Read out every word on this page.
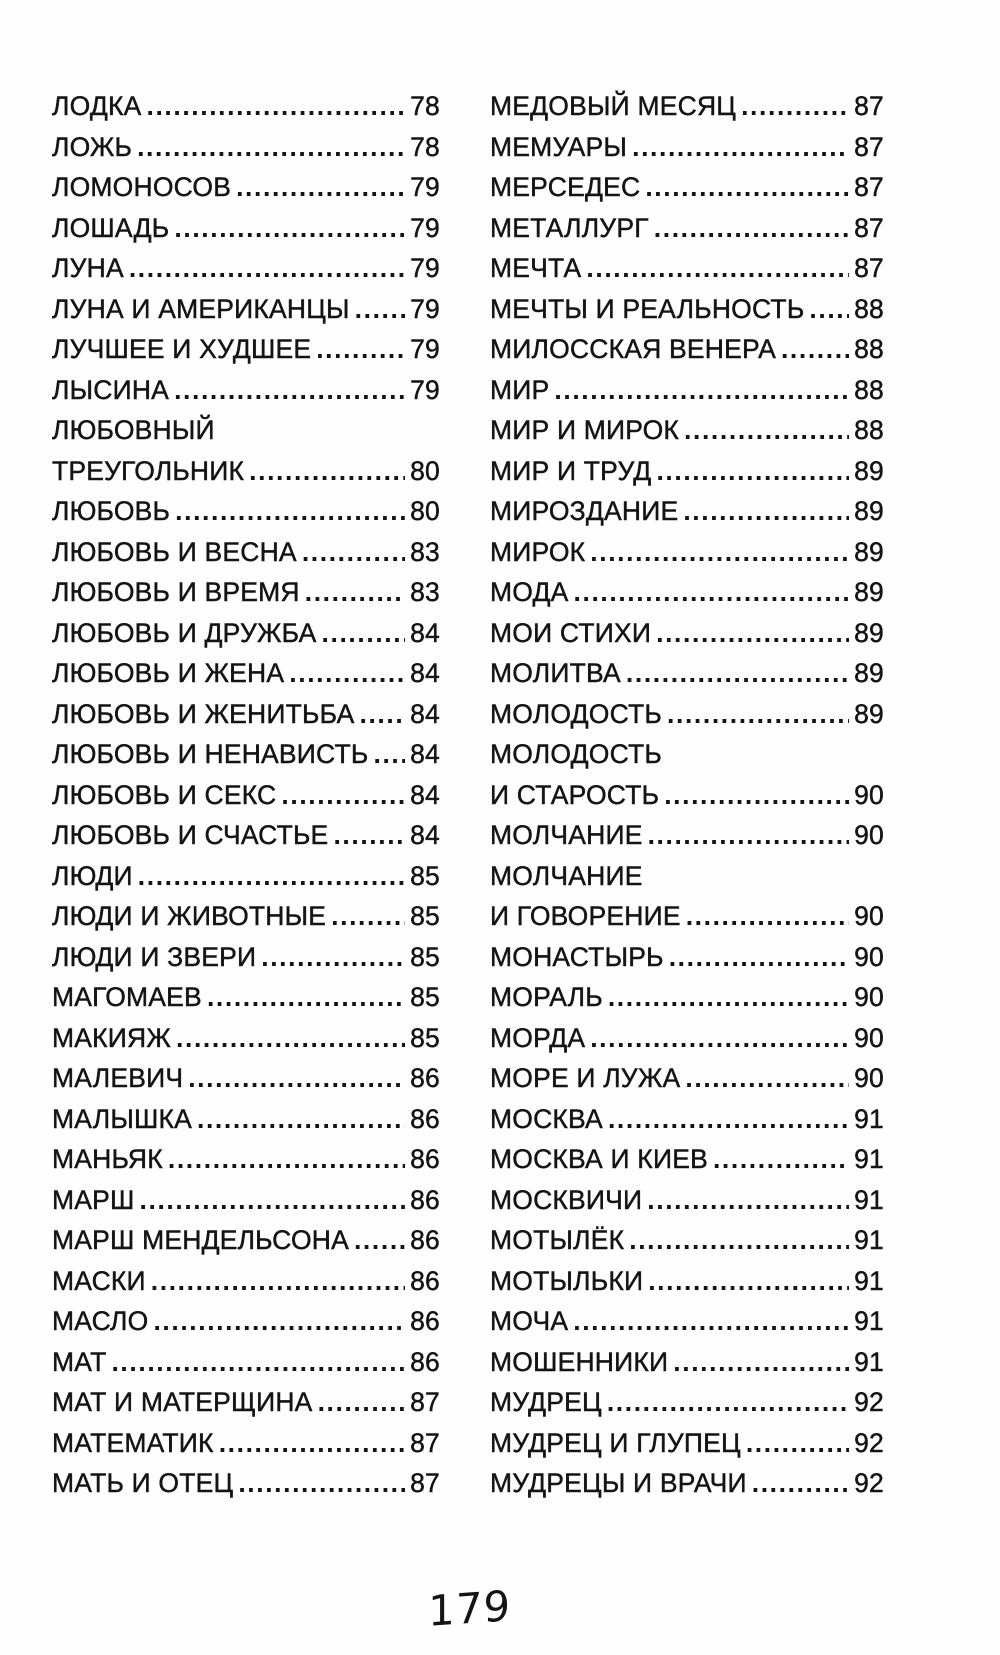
ЛОДКА .....	78
ЛОЖЬ .....	78
ЛОМОНОСОВ .....	79
ЛОШАДЬ .....	79
ЛУНА .....	79
ЛУНА И АМЕРИКАНЦЫ ..... 79
ЛУЧШЕЕ И ХУДШЕЕ .....	79
ЛЫСИНА .....	79
ЛЮБОВНЫЙ
ТРЕУГОЛЬНИК .....	80
ЛЮБОВЬ .....	80
ЛЮБОВЬ И ВЕСНА .....	83
ЛЮБОВЬ И ВРЕМЯ .....	83
ЛЮБОВЬ И ДРУЖБА .....	84
ЛЮБОВЬ И ЖЕНА .....	84
ЛЮБОВЬ И ЖЕНИТЬБА ..... 84
ЛЮБОВЬ И НЕНАВИСТЬ ..... 84
ЛЮБОВЬ И СЕКС .....	84
ЛЮБОВЬ И СЧАСТЬЕ .....	84
ЛЮДИ .....	85
ЛЮДИ И ЖИВОТНЫЕ .....	85
ЛЮДИ И ЗВЕРИ .....	85
МАГОМАЕВ .....	85
МАКИЯЖ .....	85
МАЛЕВИЧ .....	86
МАЛЫШКА .....	86
МАНЬЯК .....	86
МАРШ .....	86
МАРШ МЕНДЕЛЬСОНА ..... 86
МАСКИ .....	86
МАСЛО .....	86
МАТ .....	86
МАТ И МАТЕРЩИНА .....	87
МАТЕМАТИК .....	87
МАТЬ И ОТЕЦ .....	87
МЕДОВЫЙ МЕСЯЦ .....	87
МЕМУАРЫ .....	87
МЕРСЕДЕС .....	87
МЕТАЛЛУРГ .....	87
МЕЧТА .....	87
МЕЧТЫ И РЕАЛЬНОСТЬ ..... 88
МИЛОССКАЯ ВЕНЕРА .....	88
МИР .....	88
МИР И МИРОК .....	88
МИР И ТРУД .....	89
МИРОЗДАНИЕ .....	89
МИРОК .....	89
МОДА .....	89
МОИ СТИХИ .....	89
МОЛИТВА .....	89
МОЛОДОСТЬ .....	89
МОЛОДОСТЬ
И СТАРОСТЬ .....	90
МОЛЧАНИЕ .....	90
МОЛЧАНИЕ
И ГОВОРЕНИЕ .....	90
МОНАСТЫРЬ .....	90
МОРАЛЬ .....	90
МОРДА .....	90
МОРЕ И ЛУЖА .....	90
МОСКВА .....	91
МОСКВА И КИЕВ .....	91
МОСКВИЧИ .....	91
МОТЫЛЁК .....	91
МОТЫЛЬКИ .....	91
МОЧА .....	91
МОШЕННИКИ .....	91
МУДРЕЦ .....	92
МУДРЕЦ И ГЛУПЕЦ .....	92
МУДРЕЦЫ И ВРАЧИ .....	92
179
